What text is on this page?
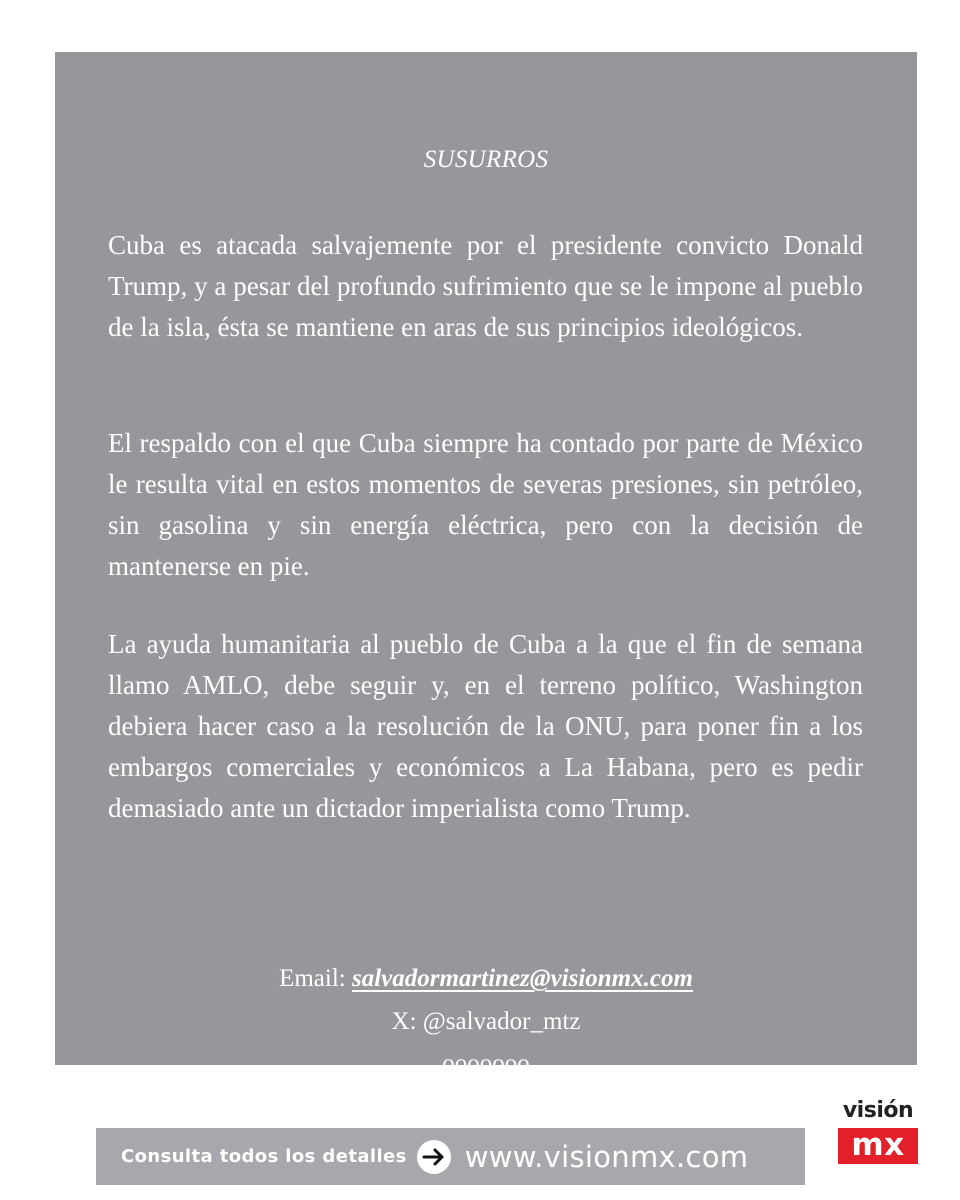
SUSURROS

Cuba es atacada salvajemente por el presidente convicto Donald Trump, y a pesar del profundo sufrimiento que se le impone al pueblo de la isla, ésta se mantiene en aras de sus principios ideológicos.

El respaldo con el que Cuba siempre ha contado por parte de México le resulta vital en estos momentos de severas presiones, sin petróleo, sin gasolina y sin energía eléctrica, pero con la decisión de mantenerse en pie.

La ayuda humanitaria al pueblo de Cuba a la que el fin de semana llamo AMLO, debe seguir y, en el terreno político, Washington debiera hacer caso a la resolución de la ONU, para poner fin a los embargos comerciales y económicos a La Habana, pero es pedir demasiado ante un dictador imperialista como Trump.

Email: salvadormartinez@visionmx.com
X: @salvador_mtz
ooooooo
Consulta todos los detalles www.visionmx.com
visión
mx
